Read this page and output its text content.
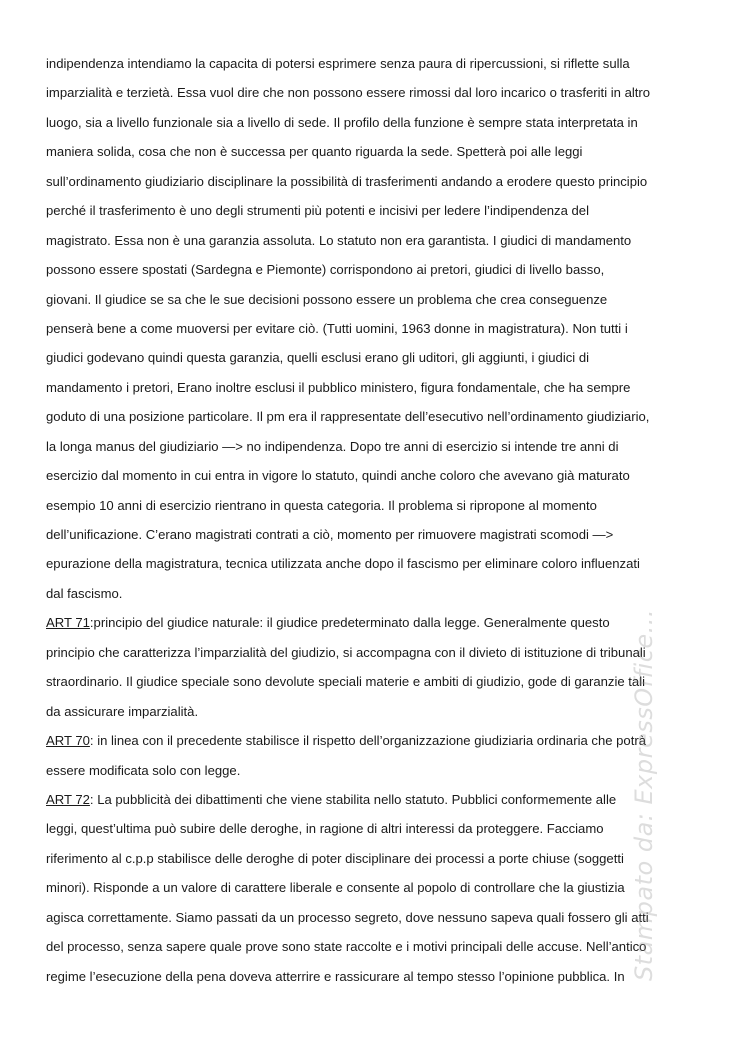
indipendenza intendiamo la capacita di potersi esprimere senza paura di ripercussioni, si riflette sulla
imparzialità e terzietà. Essa vuol dire che non possono essere rimossi dal loro incarico o trasferiti in altro
luogo, sia a livello funzionale sia a livello di sede. Il profilo della funzione è sempre stata interpretata in
maniera solida, cosa che non è successa per quanto riguarda la sede. Spetterà poi alle leggi
sull’ordinamento giudiziario disciplinare la possibilità di trasferimenti andando a erodere questo principio
perché il trasferimento è uno degli strumenti più potenti e incisivi per ledere l’indipendenza del
magistrato. Essa non è una garanzia assoluta. Lo statuto non era garantista. I giudici di mandamento
possono essere spostati (Sardegna e Piemonte) corrispondono ai pretori, giudici di livello basso,
giovani. Il giudice se sa che le sue decisioni possono essere un problema che crea conseguenze
penserà bene a come muoversi per evitare ciò. (Tutti uomini, 1963 donne in magistratura). Non tutti i
giudici godevano quindi questa garanzia, quelli esclusi erano gli uditori, gli aggiunti, i giudici di
mandamento i pretori, Erano inoltre esclusi il pubblico ministero, figura fondamentale, che ha sempre
goduto di una posizione particolare. Il pm era il rappresentate dell’esecutivo nell’ordinamento giudiziario,
la longa manus del giudiziario —> no indipendenza. Dopo tre anni di esercizio si intende tre anni di
esercizio dal momento in cui entra in vigore lo statuto, quindi anche coloro che avevano già maturato
esempio 10 anni di esercizio rientrano in questa categoria. Il problema si ripropone al momento
dell’unificazione. C’erano magistrati contrati a ciò, momento per rimuovere magistrati scomodi —>
epurazione della magistratura, tecnica utilizzata anche dopo il fascismo per eliminare coloro influenzati
dal fascismo.
ART 71:principio del giudice naturale: il giudice predeterminato dalla legge. Generalmente questo
principio che caratterizza l’imparzialità del giudizio, si accompagna con il divieto di istituzione di tribunali
straordinario. Il giudice speciale sono devolute speciali materie e ambiti di giudizio, gode di garanzie tali
da assicurare imparzialità.
ART 70: in linea con il precedente stabilisce il rispetto dell’organizzazione giudiziaria ordinaria che potrà
essere modificata solo con legge.
ART 72: La pubblicità dei dibattimenti che viene stabilita nello statuto. Pubblici conformemente alle
leggi, quest’ultima può subire delle deroghe, in ragione di altri interessi da proteggere. Facciamo
riferimento al c.p.p stabilisce delle deroghe di poter disciplinare dei processi a porte chiuse (soggetti
minori). Risponde a un valore di carattere liberale e consente al popolo di controllare che la giustizia
agisca correttamente. Siamo passati da un processo segreto, dove nessuno sapeva quali fossero gli atti
del processo, senza sapere quale prove sono state raccolte e i motivi principali delle accuse. Nell’antico
regime l’esecuzione della pena doveva atterrire e rassicurare al tempo stesso l’opinione pubblica. In Stampato da: ExpressOffice...
